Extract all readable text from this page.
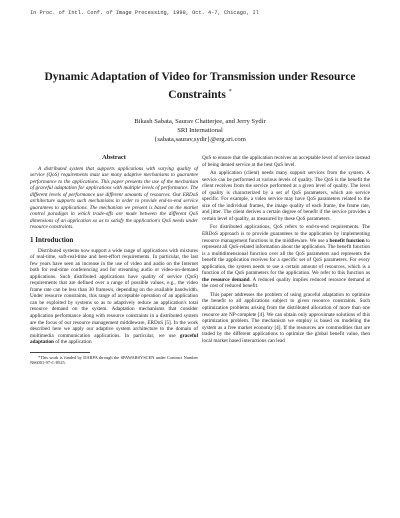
In Proc. of Intl. Conf. of Image Processing, 1998, Oct. 4-7, Chicago, Il
Dynamic Adaptation of Video for Transmission under Resource Constraints *
Bikash Sabata, Saurav Chatterjee, and Jerry Sydir
SRI International
{sabata,saurav,sydir}@erg.sri.com
Abstract

A distributed system that supports applications with varying quality of service (QoS) requirements must use many adaptive mechanisms to guarantee performance to the applications. This paper presents the use of the mechanism of graceful adaptation for applications with multiple levels of performance. The different levels of performance use different amounts of resources. Our ERDoS architecture supports such mechanisms in order to provide end-to-end service guarantees to applications. The mechanism we present is based on the market control paradigm in which trade-offs are made between the different QoS dimensions of an application so as to satisfy the application's QoS needs under resource constraints.

1 Introduction

Distributed systems now support a wide range of applications with mixtures of real-time, soft-real-time and best-effort requirements. In particular, the last few years have seen an increase in the use of video and audio on the Internet both for real-time conferencing and for streaming audio or video-on-demand applications. Such distributed applications have quality of service (QoS) requirements that are defined over a range of possible values, e.g., the video frame rate can be less than 30 frames/s, depending on the available bandwidth. Under resource constraints, this range of acceptable operation of an application can be exploited by systems so as to adaptively reduce an application's total resource demand on the system. Adaptation mechanisms that consider application performance along with resource constraints in a distributed system are the focus of our resource management middleware, ERDoS [5]. In the work described here we apply our adaptive system architecture to the domain of multimedia communication applications. In particular, we use graceful adaptation of the application

*This work is funded by DARPA through the SPAWARSYSCEN under Contract Number N66001-97-C-8525.

QoS to ensure that the application receives an acceptable level of service instead of being denied service at the best QoS level.

An application (client) needs many support services from the system. A service can be performed at various levels of quality. The QoS is the benefit the client receives from the service performed at a given level of quality. The level of quality is characterized by a set of QoS parameters, which are service specific. For example, a video service may have QoS parameters related to the size of the individual frames, the image quality of each frame, the frame rate, and jitter. The client derives a certain degree of benefit if the service provides a certain level of quality, as measured by these QoS parameters.

For distributed applications, QoS refers to end-to-end requirements. The ERDoS approach is to provide guarantees to the application by implementing resource management functions in the middleware. We use a benefit function to represent all QoS-related information about the application. The benefit function is a multidimensional function over all the QoS parameters and represents the benefit the application receives for a specific set of QoS parameters. For every application, the system needs to use a certain amount of resources, which is a function of the QoS parameters for the application. We refer to this function as the resource demand. A reduced quality implies reduced resource demand at the cost of reduced benefit.

This paper addresses the problem of using graceful adaptation to optimize the benefit to all applications subject to given resource constraints. Such optimization problems arising from the distributed allocation of more than one resource are NP-complete [4]. We can obtain only approximate solutions of this optimization problem. The mechanism we employ is based on modeling the system as a free market economy [4]. If the resources are commodities that are traded by the different applications to optimize the global benefit value, then local market based interactions can lead
